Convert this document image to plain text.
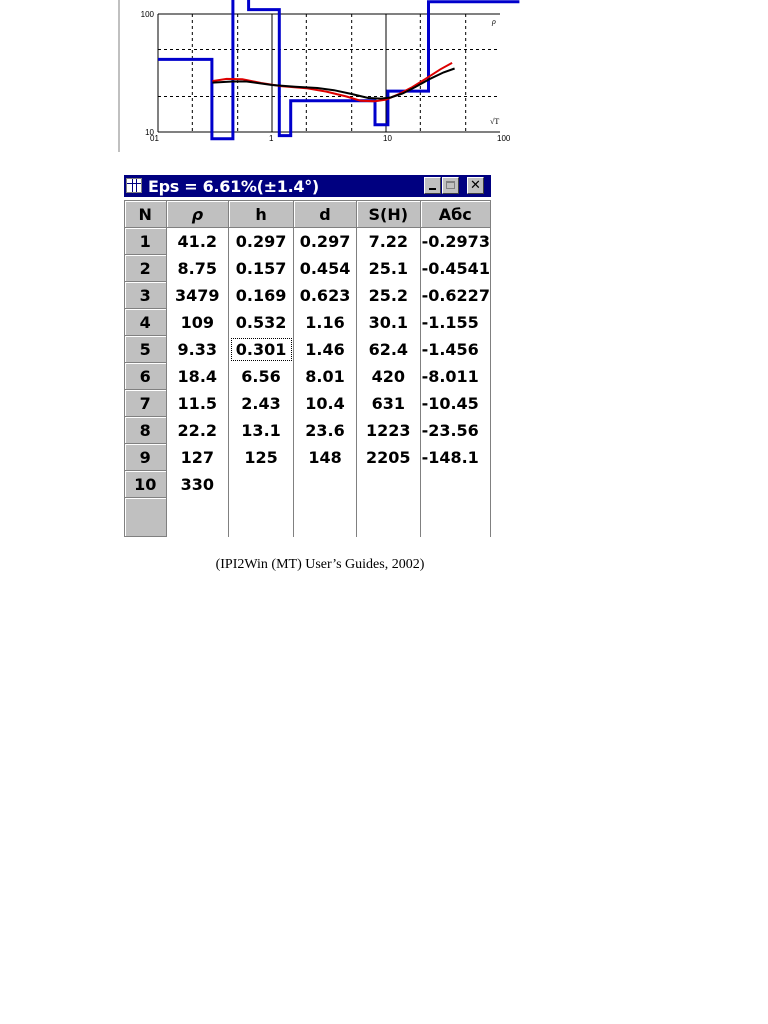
01	1	10	100
100
10
ρ
√T
Eps = 6.61%(±1.4°)	✕
N	ρ	h	d	S(H)	Абс
1	41.2	0.297	0.297	7.22	-0.2973
2	8.75	0.157	0.454	25.1	-0.4541
3	3479	0.169	0.623	25.2	-0.6227
4	109	0.532	1.16	30.1	-1.155
5	9.33	0.301	1.46	62.4	-1.456
6	18.4	6.56	8.01	420	-8.011
7	11.5	2.43	10.4	631	-10.45
8	22.2	13.1	23.6	1223	-23.56
9	127	125	148	2205	-148.1
10	330				

(IPI2Win (MT) User’s Guides, 2002)
